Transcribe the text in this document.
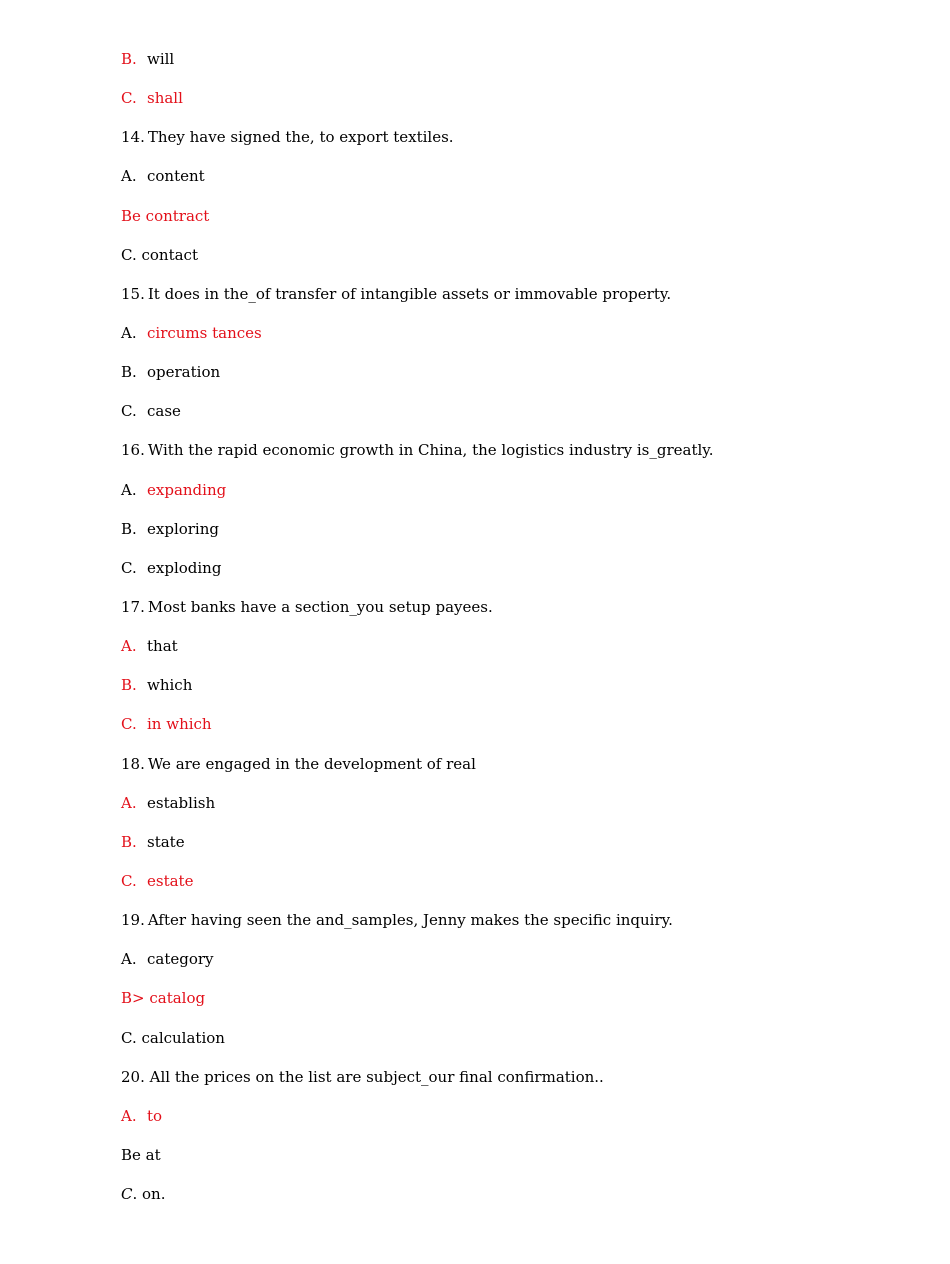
B. will
C. shall
14. They have signed the, to export textiles.
A. content
Be contract
C. contact
15. It does in the_of transfer of intangible assets or immovable property.
A. circums tances
B. operation
C. case
16. With the rapid economic growth in China, the logistics industry is_greatly.
A. expanding
B. exploring
C. exploding
17. Most banks have a section_you setup payees.
A. that
B. which
C. in which
18. We are engaged in the development of real
A. establish
B. state
C. estate
19. After having seen the and_samples, Jenny makes the specific inquiry.
A. category
B> catalog
C. calculation
20. All the prices on the list are subject_our final confirmation..
A. to
Be at
C. on.
